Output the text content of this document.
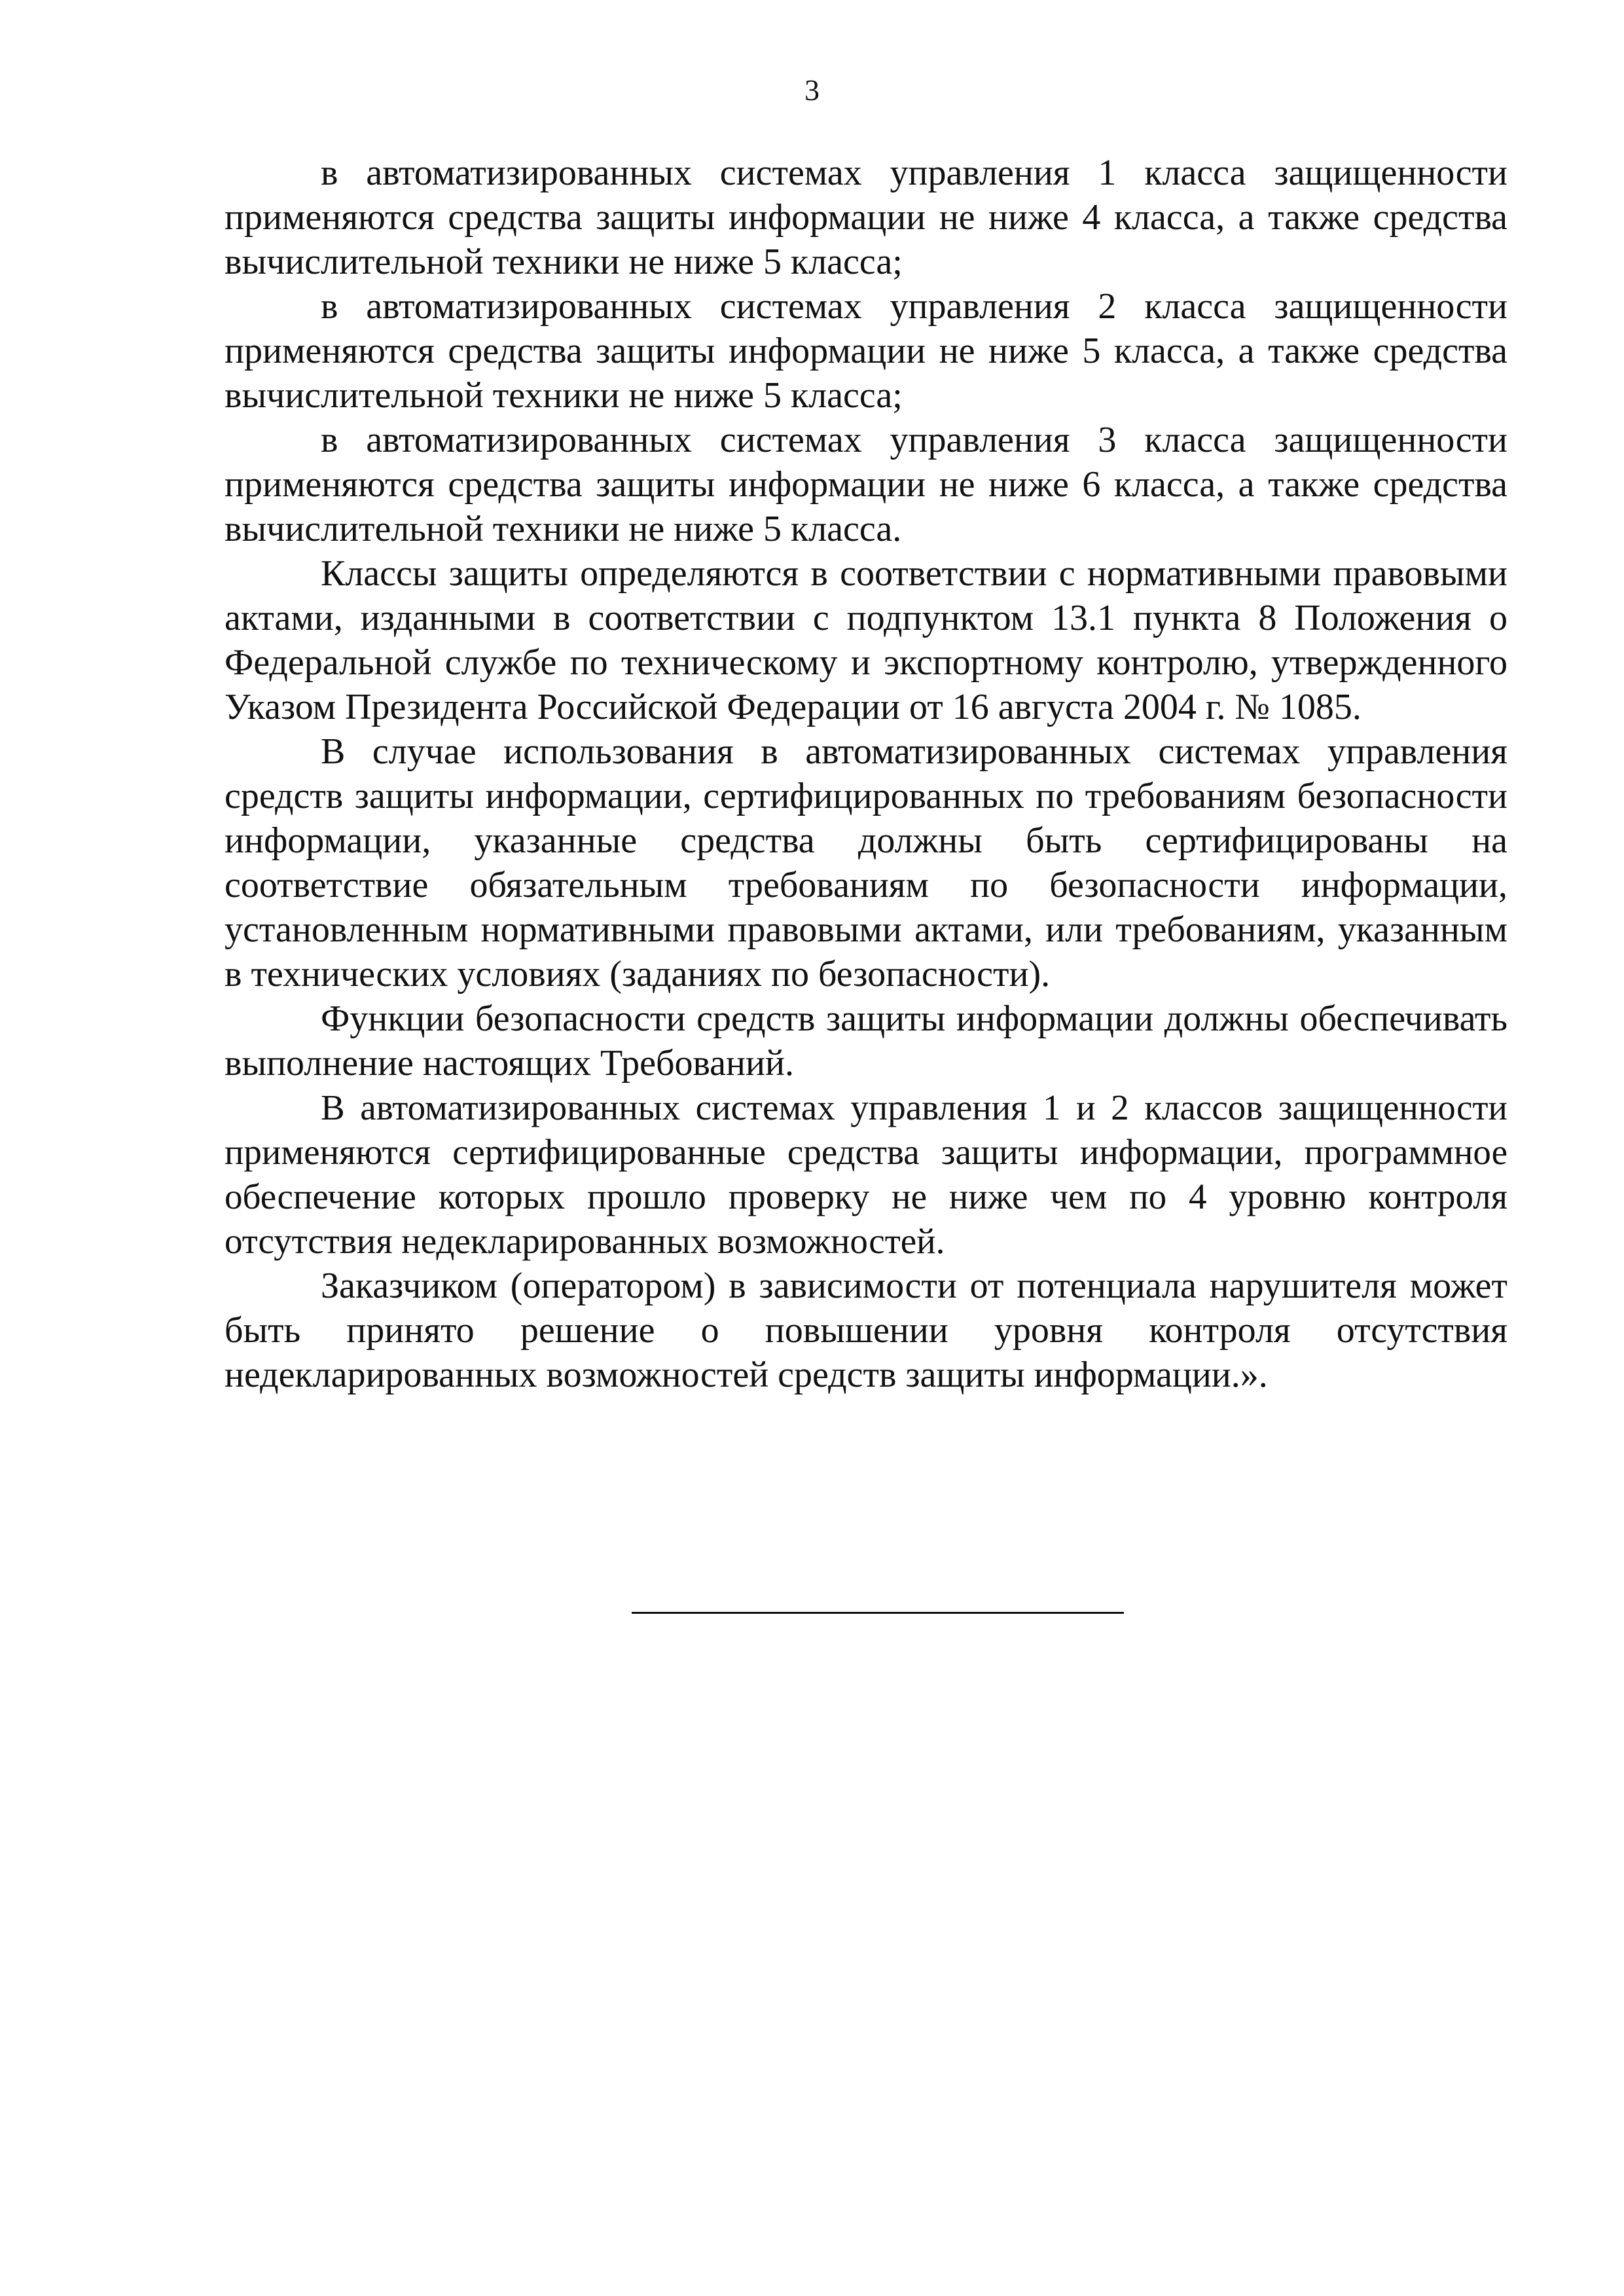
3

в автоматизированных системах управления 1 класса защищенности применяются средства защиты информации не ниже 4 класса, а также средства вычислительной техники не ниже 5 класса;

в автоматизированных системах управления 2 класса защищенности применяются средства защиты информации не ниже 5 класса, а также средства вычислительной техники не ниже 5 класса;

в автоматизированных системах управления 3 класса защищенности применяются средства защиты информации не ниже 6 класса, а также средства вычислительной техники не ниже 5 класса.

Классы защиты определяются в соответствии с нормативными правовыми актами, изданными в соответствии с подпунктом 13.1 пункта 8 Положения о Федеральной службе по техническому и экспортному контролю, утвержденного Указом Президента Российской Федерации от 16 августа 2004 г. № 1085.

В случае использования в автоматизированных системах управления средств защиты информации, сертифицированных по требованиям безопасности информации, указанные средства должны быть сертифицированы на соответствие обязательным требованиям по безопасности информации, установленным нормативными правовыми актами, или требованиям, указанным в технических условиях (заданиях по безопасности).

Функции безопасности средств защиты информации должны обеспечивать выполнение настоящих Требований.

В автоматизированных системах управления 1 и 2 классов защищенности применяются сертифицированные средства защиты информации, программное обеспечение которых прошло проверку не ниже чем по 4 уровню контроля отсутствия недекларированных возможностей.

Заказчиком (оператором) в зависимости от потенциала нарушителя может быть принято решение о повышении уровня контроля отсутствия недекларированных возможностей средств защиты информации.».
